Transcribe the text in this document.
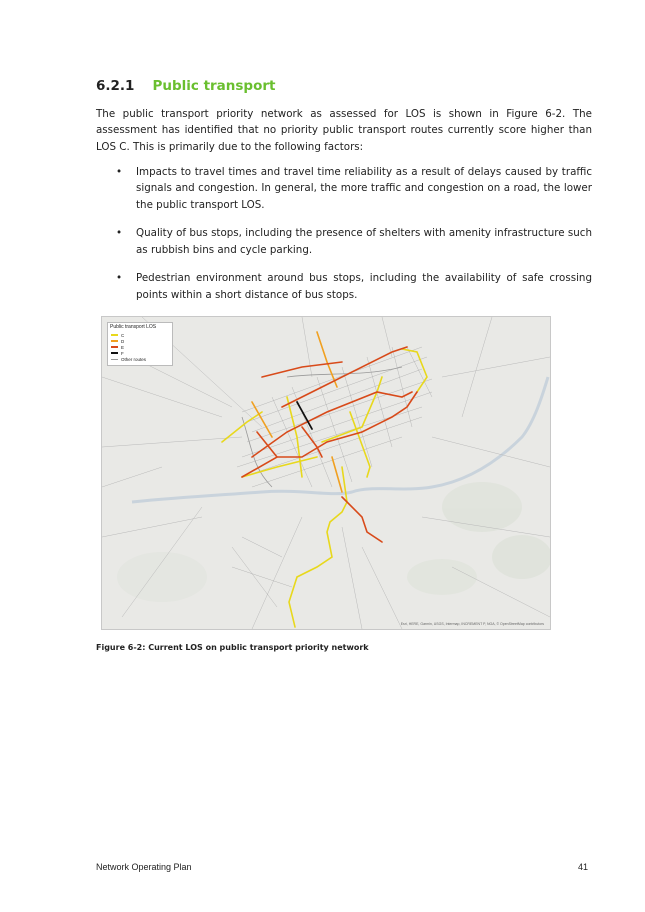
6.2.1 Public transport

The public transport priority network as assessed for LOS is shown in Figure 6-2. The assessment has identified that no priority public transport routes currently score higher than LOS C. This is primarily due to the following factors:

• Impacts to travel times and travel time reliability as a result of delays caused by traffic signals and congestion. In general, the more traffic and congestion on a road, the lower the public transport LOS.
• Quality of bus stops, including the presence of shelters with amenity infrastructure such as rubbish bins and cycle parking.
• Pedestrian environment around bus stops, including the availability of safe crossing points within a short distance of bus stops.
Public transport LOS
C
D
E
F
Other routes
Esri, HERE, Garmin, USGS, Intermap, INCREMENT P, NGA, © OpenStreetMap contributors
Figure 6-2: Current LOS on public transport priority network
Network Operating Plan	41
